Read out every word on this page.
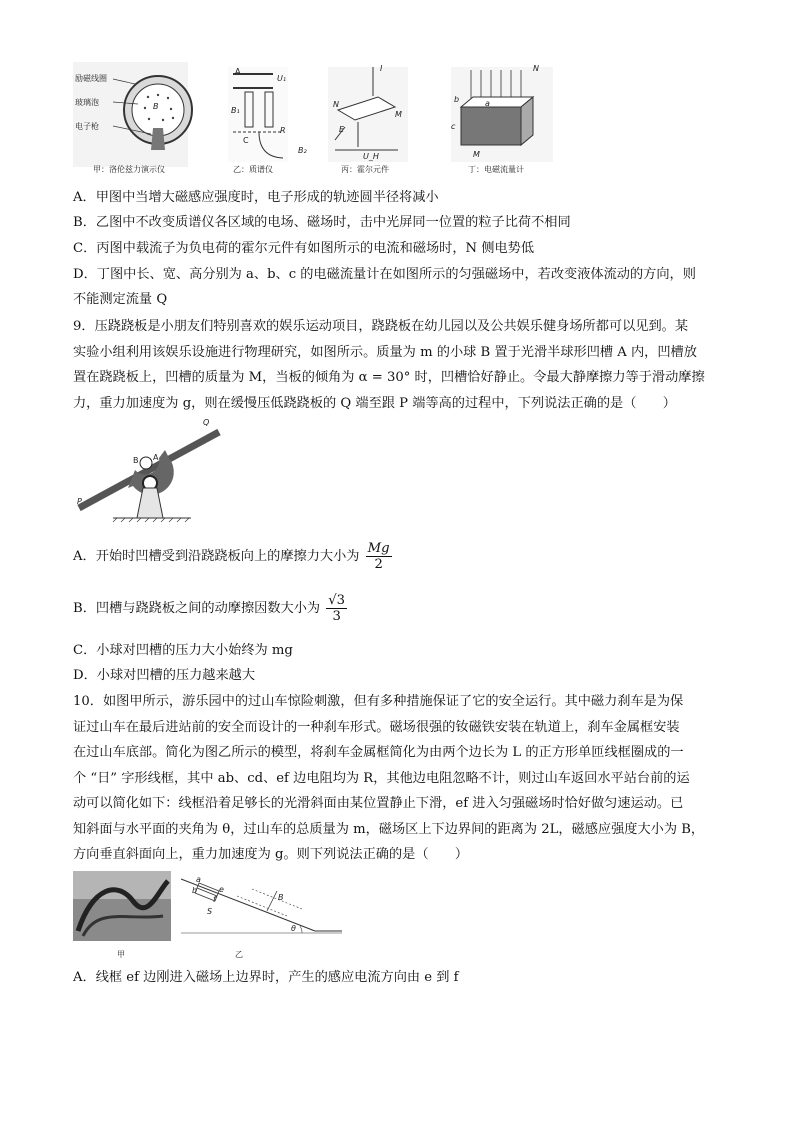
励磁线圈
玻璃泡
电子枪
B
U₁
A
B₁
C
R
B₂
I
N
M
E
U_H
N
a
b
c
M
甲：洛伦兹力演示仪	乙：质谱仪	丙：霍尔元件	丁：电磁流量计
A．甲图中当增大磁感应强度时，电子形成的轨迹圆半径将减小
B．乙图中不改变质谱仪各区域的电场、磁场时，击中光屏同一位置的粒子比荷不相同
C．丙图中载流子为负电荷的霍尔元件有如图所示的电流和磁场时，N 侧电势低
D．丁图中长、宽、高分别为 a、b、c 的电磁流量计在如图所示的匀强磁场中，若改变液体流动的方向，则
不能测定流量 Q
9．压跷跷板是小朋友们特别喜欢的娱乐运动项目，跷跷板在幼儿园以及公共娱乐健身场所都可以见到。某
实验小组利用该娱乐设施进行物理研究，如图所示。质量为 m 的小球 B 置于光滑半球形凹槽 A 内，凹槽放
置在跷跷板上，凹槽的质量为 M，当板的倾角为 α = 30° 时，凹槽恰好静止。令最大静摩擦力等于滑动摩擦
力，重力加速度为 g，则在缓慢压低跷跷板的 Q 端至跟 P 端等高的过程中，下列说法正确的是（　　）
Q
P
A
B
A．开始时凹槽受到沿跷跷板向上的摩擦力大小为 $\frac{Mg}{2}$
B．凹槽与跷跷板之间的动摩擦因数大小为 $\frac{√3}{3}$
C．小球对凹槽的压力大小始终为 mg
D．小球对凹槽的压力越来越大
10．如图甲所示，游乐园中的过山车惊险刺激，但有多种措施保证了它的安全运行。其中磁力刹车是为保
证过山车在最后进站前的安全而设计的一种刹车形式。磁场很强的钕磁铁安装在轨道上，刹车金属框安装
在过山车底部。简化为图乙所示的模型，将刹车金属框简化为由两个边长为 L 的正方形单匝线框圈成的一
个 “日” 字形线框，其中 ab、cd、ef 边电阻均为 R，其他边电阻忽略不计，则过山车返回水平站台前的运
动可以简化如下：线框沿着足够长的光滑斜面由某位置静止下滑，ef 进入匀强磁场时恰好做匀速运动。已
知斜面与水平面的夹角为 θ，过山车的总质量为 m，磁场区上下边界间的距离为 2L，磁感应强度大小为 B，
方向垂直斜面向上，重力加速度为 g。则下列说法正确的是（　　）
S
B
θ
a
b	e
f
甲	乙
A．线框 ef 边刚进入磁场上边界时，产生的感应电流方向由 e 到 f
